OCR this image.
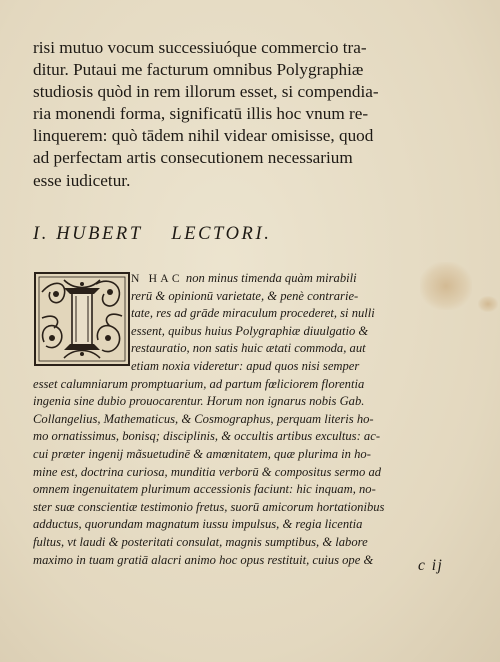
risi mutuo vocum successiuóque commercio tra-
ditur. Putaui me facturum omnibus Polygraphiæ
studiosis quòd in rem illorum esset, si compendia-
ria monendi forma, significatū illis hoc vnum re-
linquerem: quò tādem nihil videar omisisse, quod
ad perfectam artis consecutionem necessarium
esse iudicetur.
I. HUBERT LECTORI.
N HAC non minus timenda quàm mirabili
rerū & opinionū varietate, & penè contrarie-
tate, res ad grāde miraculum procederet, si nulli
essent, quibus huius Polygraphiæ diuulgatio &
restauratio, non satis huic ætati commoda, aut
etiam noxia videretur: apud quos nisi semper
esset calumniarum promptuarium, ad partum fœliciorem florentia
ingenia sine dubio prouocarentur. Horum non ignarus nobis Gab.
Collangelius, Mathematicus, & Cosmographus, perquam literis ho-
mo ornatissimus, bonisq; disciplinis, & occultis artibus excultus: ac-
cui præter ingenij mãsuetudinē & amœnitatem, quæ plurima in ho-
mine est, doctrina curiosa, munditia verborū & compositus sermo ad
omnem ingenuitatem plurimum accessionis faciunt: hic inquam, no-
ster suæ conscientiæ testimonio fretus, suorū amicorum hortationibus
adductus, quorundam magnatum iussu impulsus, & regia licentia
fultus, vt laudi & posteritati consulat, magnis sumptibus, & labore
maximo in tuam gratiā alacri animo hoc opus restituit, cuius ope &	c ij
